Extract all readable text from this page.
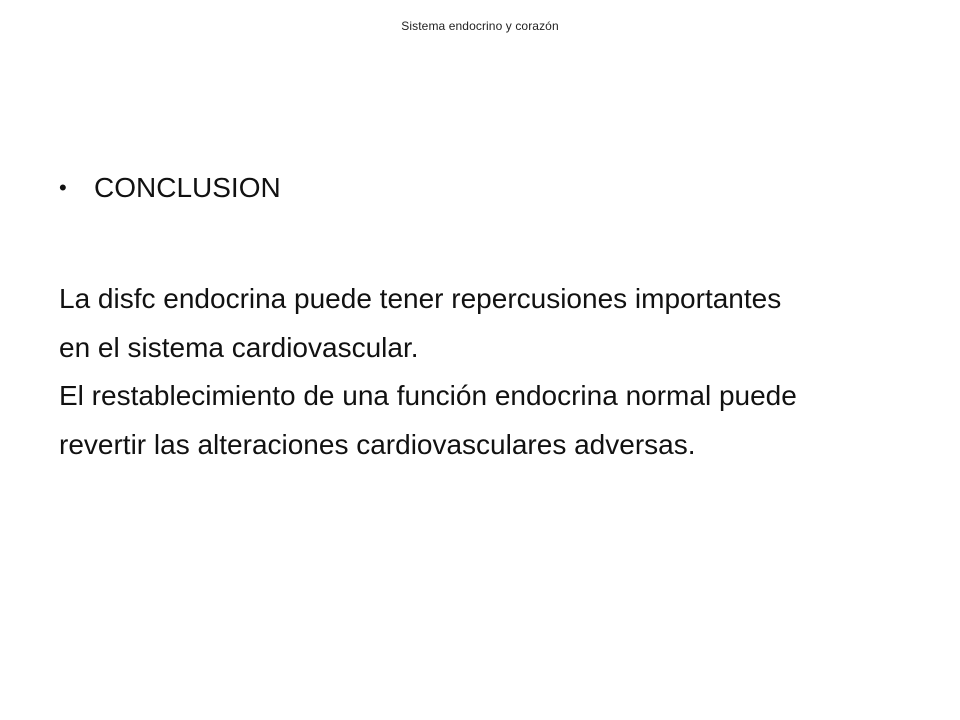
Sistema endocrino y corazón
• CONCLUSION
La disfc endocrina puede tener repercusiones importantes
en el sistema cardiovascular.
El restablecimiento de una función endocrina normal puede
revertir las alteraciones cardiovasculares adversas.
